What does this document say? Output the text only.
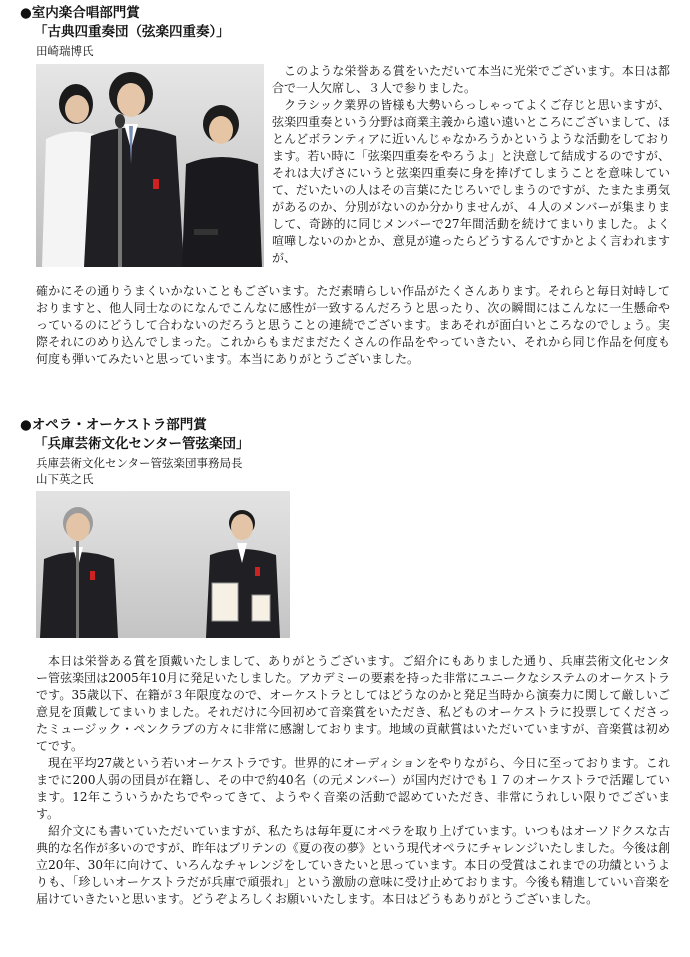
●室内楽合唱部門賞
「古典四重奏団（弦楽四重奏）」
田崎瑞博氏

このような栄誉ある賞をいただいて本当に光栄でございます。本日は都合で一人欠席し、３人で参りました。

クラシック業界の皆様も大勢いらっしゃってよくご存じと思いますが、弦楽四重奏という分野は商業主義から遠い遠いところにございまして、ほとんどボランティアに近いんじゃなかろうかというような活動をしております。若い時に「弦楽四重奏をやろうよ」と決意して結成するのですが、それは大げさにいうと弦楽四重奏に身を捧げてしまうことを意味していて、だいたいの人はその言葉にたじろいでしまうのですが、たまたま勇気があるのか、分別がないのか分かりませんが、４人のメンバーが集まりまして、奇跡的に同じメンバーで27年間活動を続けてまいりました。よく喧嘩しないのかとか、意見が違ったらどうするんですかとよく言われますが、

確かにその通りうまくいかないこともございます。ただ素晴らしい作品がたくさんあります。それらと毎日対峙しておりますと、他人同士なのになんでこんなに感性が一致するんだろうと思ったり、次の瞬間にはこんなに一生懸命やっているのにどうして合わないのだろうと思うことの連続でございます。まあそれが面白いところなのでしょう。実際それにのめり込んでしまった。これからもまだまだたくさんの作品をやっていきたい、それから同じ作品を何度も何度も弾いてみたいと思っています。本当にありがとうございました。

●オペラ・オーケストラ部門賞
「兵庫芸術文化センター管弦楽団」
兵庫芸術文化センター管弦楽団事務局長
山下英之氏

本日は栄誉ある賞を頂戴いたしまして、ありがとうございます。ご紹介にもありました通り、兵庫芸術文化センター管弦楽団は2005年10月に発足いたしました。アカデミーの要素を持った非常にユニークなシステムのオーケストラです。35歳以下、在籍が３年限度なので、オーケストラとしてはどうなのかと発足当時から演奏力に関して厳しいご意見を頂戴してまいりました。それだけに今回初めて音楽賞をいただき、私どものオーケストラに投票してくださったミュージック・ペンクラブの方々に非常に感謝しております。地域の貢献賞はいただいていますが、音楽賞は初めてです。

現在平均27歳という若いオーケストラです。世界的にオーディションをやりながら、今日に至っております。これまでに200人弱の団員が在籍し、その中で約40名（の元メンバー）が国内だけでも１７のオーケストラで活躍しています。12年こういうかたちでやってきて、ようやく音楽の活動で認めていただき、非常にうれしい限りでございます。

紹介文にも書いていただいていますが、私たちは毎年夏にオペラを取り上げています。いつもはオーソドクスな古典的な名作が多いのですが、昨年はブリテンの《夏の夜の夢》という現代オペラにチャレンジいたしました。今後は創立20年、30年に向けて、いろんなチャレンジをしていきたいと思っています。本日の受賞はこれまでの功績というよりも、「珍しいオーケストラだが兵庫で頑張れ」という激励の意味に受け止めております。今後も精進していい音楽を届けていきたいと思います。どうぞよろしくお願いいたします。本日はどうもありがとうございました。
